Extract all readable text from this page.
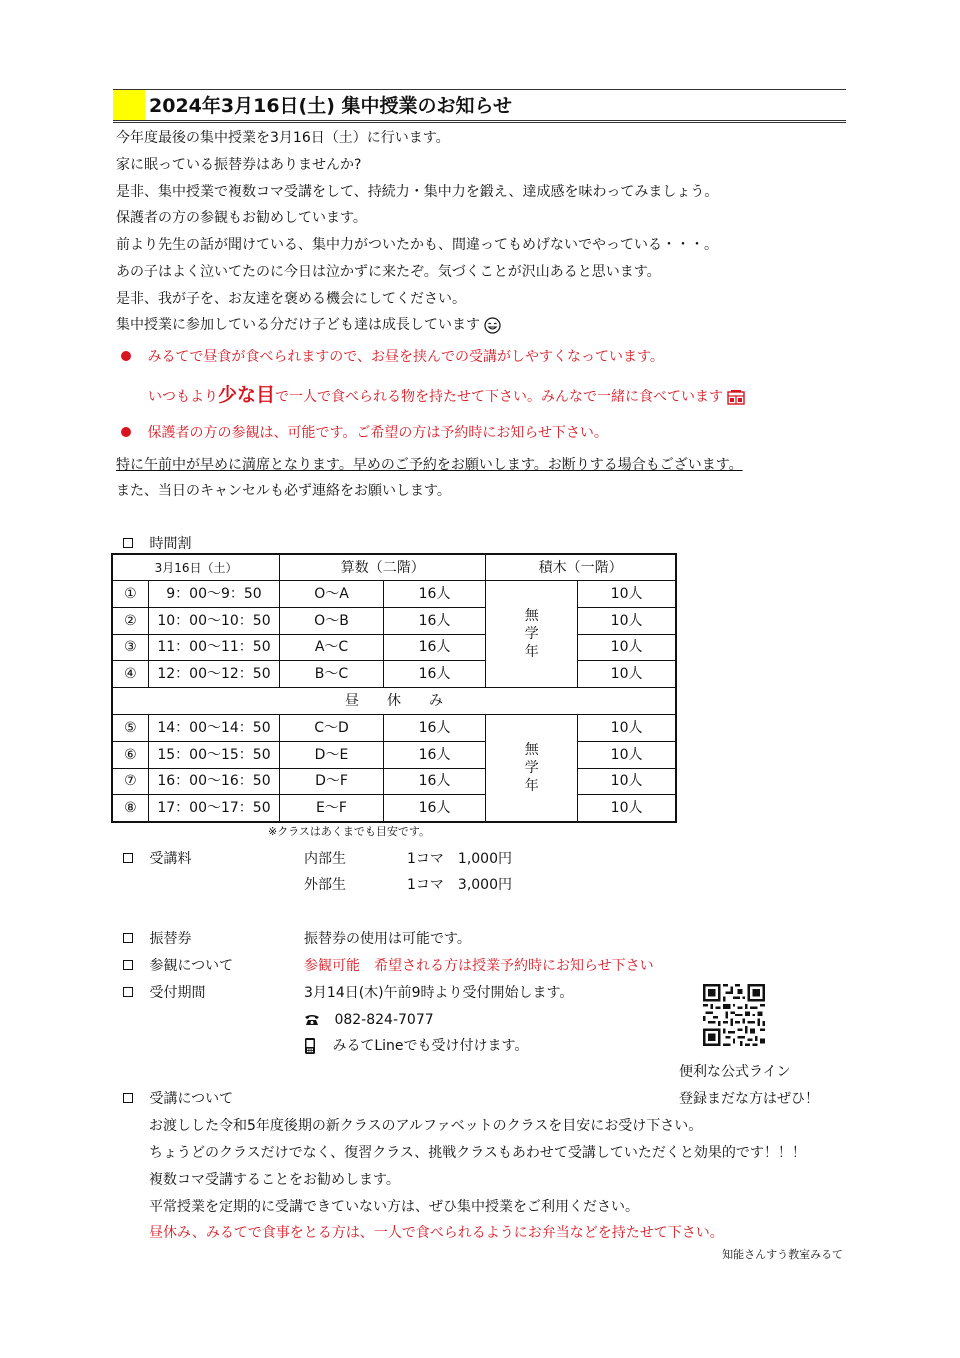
2024年3月16日(土) 集中授業のお知らせ
今年度最後の集中授業を3月16日（土）に行います。
家に眠っている振替券はありませんか?
是非、集中授業で複数コマ受講をして、持続力・集中力を鍛え、達成感を味わってみましょう。
保護者の方の参観もお勧めしています。
前より先生の話が聞けている、集中力がついたかも、間違ってもめげないでやっている・・・。
あの子はよく泣いてたのに今日は泣かずに来たぞ。気づくことが沢山あると思います。
是非、我が子を、お友達を褒める機会にしてください。
集中授業に参加している分だけ子ども達は成長しています
みるてで昼食が食べられますので、お昼を挟んでの受講がしやすくなっています。
いつもより少な目で一人で食べられる物を持たせて下さい。みんなで一緒に食べています
保護者の方の参観は、可能です。ご希望の方は予約時にお知らせ下さい。
特に午前中が早めに満席となります。早めのご予約をお願いします。お断りする場合もございます。
また、当日のキャンセルも必ず連絡をお願いします。
時間割
3月16日（土）		算数（二階）		積木（一階）	
①	9：00～9：50	O～A	16人	無学年	10人
②	10：00～10：50	O～B	16人		10人
③	11：00～11：50	A～C	16人		10人
④	12：00～12：50	B～C	16人		10人
昼　　休　　み					
⑤	14：00～14：50	C～D	16人	無学年	10人
⑥	15：00～15：50	D～E	16人		10人
⑦	16：00～16：50	D～F	16人		10人
⑧	17：00～17：50	E～F	16人		10人
※クラスはあくまでも目安です。
受講料	内部生	1コマ　1,000円
外部生	1コマ　3,000円
振替券	振替券の使用は可能です。
参観について	参観可能　希望される方は授業予約時にお知らせ下さい
受付期間	3月14日(木)午前9時より受付開始します。
082-824-7077
みるてLineでも受け付けます。
便利な公式ライン
登録まだな方はぜひ！
受講について
お渡しした令和5年度後期の新クラスのアルファベットのクラスを目安にお受け下さい。
ちょうどのクラスだけでなく、復習クラス、挑戦クラスもあわせて受講していただくと効果的です！！！
複数コマ受講することをお勧めします。
平常授業を定期的に受講できていない方は、ぜひ集中授業をご利用ください。
昼休み、みるてで食事をとる方は、一人で食べられるようにお弁当などを持たせて下さい。
知能さんすう教室みるて
